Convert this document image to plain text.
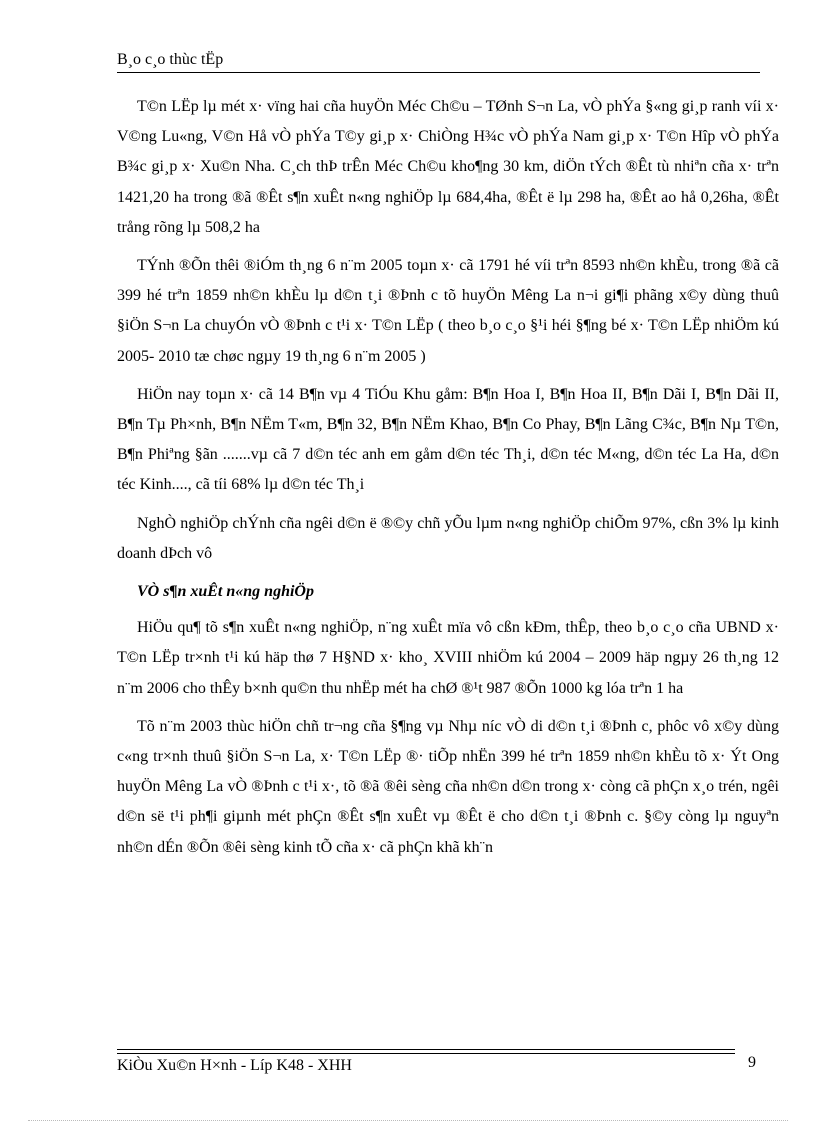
B¸o c¸o thùc tËp

T©n LËp lµ mét x· vïng hai cña huyÖn Méc Ch©u – TØnh S¬n La, vÒ phÝa §«ng gi¸p ranh víi x· V©ng Lu«ng, V©n Hå vÒ phÝa T©y gi¸p x· ChiÒng H¾c vÒ phÝa Nam gi¸p x· T©n Hîp vÒ phÝa B¾c gi¸p x· Xu©n Nha. C¸ch thÞ trÊn Méc Ch©u kho¶ng 30 km, diÖn tÝch ®Êt tù nhiªn cña x· trªn 1421,20 ha trong ®ã ®Êt s¶n xuÊt n«ng nghiÖp lµ 684,4ha, ®Êt ë lµ 298 ha, ®Êt ao hå 0,26ha, ®Êt trång rõng lµ 508,2 ha

TÝnh ®Õn thêi ®iÓm th¸ng 6 n¨m 2005 toµn x· cã 1791 hé víi trªn 8593 nh©n khÈu, trong ®ã cã 399 hé trªn 1859 nh©n khÈu lµ d©n t¸i ®Þnh c tõ huyÖn Mêng La n¬i gi¶i phãng x©y dùng thuû §iÖn S¬n La chuyÓn vÒ ®Þnh c t¹i x· T©n LËp ( theo b¸o c¸o §¹i héi §¶ng bé x· T©n LËp nhiÖm kú 2005- 2010 tæ chøc ngµy 19 th¸ng 6 n¨m 2005 )

HiÖn nay toµn x· cã 14 B¶n vµ 4 TiÓu Khu gåm: B¶n Hoa I, B¶n Hoa II, B¶n Dãi I, B¶n Dãi II, B¶n Tµ Ph×nh, B¶n NËm T«m, B¶n 32, B¶n NËm Khao, B¶n Co Phay, B¶n Lãng C¾c, B¶n Nµ T©n, B¶n Phiªng §ãn .......vµ cã 7 d©n téc anh em gåm d©n téc Th¸i, d©n téc M«ng, d©n téc La Ha, d©n téc Kinh...., cã tíi 68% lµ d©n téc Th¸i

NghÒ nghiÖp chÝnh cña ngêi d©n ë ®©y chñ yÕu lµm n«ng nghiÖp chiÕm 97%, cßn 3% lµ kinh doanh dÞch vô

VÒ s¶n xuÊt n«ng nghiÖp

HiÖu qu¶ tõ s¶n xuÊt n«ng nghiÖp, n¨ng xuÊt mïa vô cßn kÐm, thÊp, theo b¸o c¸o cña UBND x· T©n LËp tr×nh t¹i kú häp thø 7 H§ND x· kho¸ XVIII nhiÖm kú 2004 – 2009 häp ngµy 26 th¸ng 12 n¨m 2006 cho thÊy b×nh qu©n thu nhËp mét ha chØ ®¹t 987 ®Õn 1000 kg lóa trªn 1 ha

Tõ n¨m 2003 thùc hiÖn chñ tr¬ng cña §¶ng vµ Nhµ níc vÒ di d©n t¸i ®Þnh c, phôc vô x©y dùng c«ng tr×nh thuû §iÖn S¬n La, x· T©n LËp ®· tiÕp nhËn 399 hé trªn 1859 nh©n khÈu tõ x· Ýt Ong huyÖn Mêng La vÒ ®Þnh c t¹i x·, tõ ®ã ®êi sèng cña nh©n d©n trong x· còng cã phÇn x¸o trén, ngêi d©n së t¹i ph¶i giµnh mét phÇn ®Êt s¶n xuÊt vµ ®Êt ë cho d©n t¸i ®Þnh c. §©y còng lµ nguyªn nh©n dÉn ®Õn ®êi sèng kinh tÕ cña x· cã phÇn khã kh¨n

KiÒu Xu©n H×nh - Líp K48 - XHH	9
